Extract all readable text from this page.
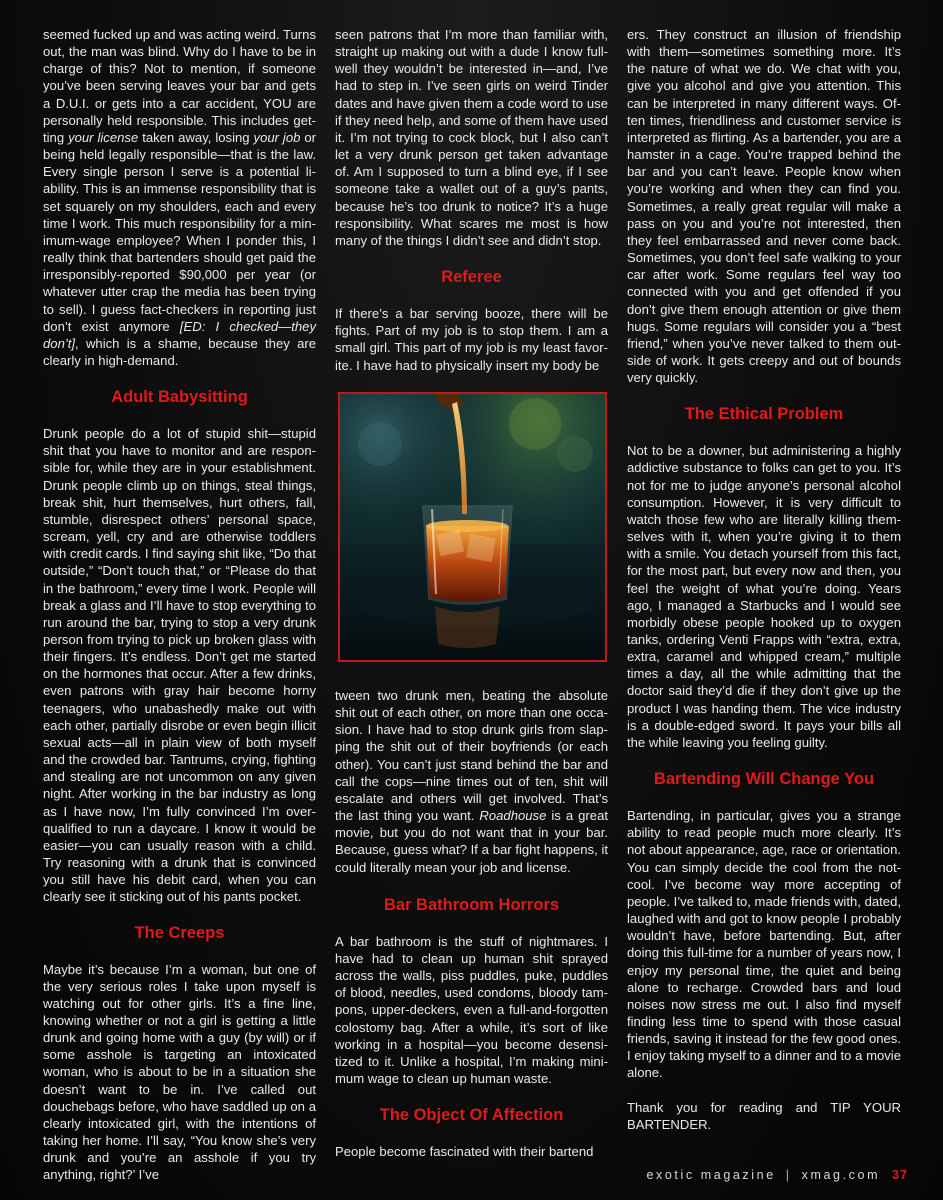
seemed fucked up and was acting weird. Turns out, the man was blind. Why do I have to be in charge of this? Not to mention, if someone you’ve been serving leaves your bar and gets a D.U.I. or gets into a car accident, YOU are personally held responsible. This includes getting your license taken away, losing your job or being held legally responsible—that is the law. Every single person I serve is a potential liability. This is an immense responsibility that is set squarely on my shoulders, each and every time I work. This much responsibility for a minimum-wage employee? When I ponder this, I really think that bartenders should get paid the irresponsibly-reported $90,000 per year (or whatever utter crap the media has been trying to sell). I guess fact-checkers in reporting just don’t exist anymore [ED: I checked—they don’t], which is a shame, because they are clearly in high-demand.

Adult Babysitting

Drunk people do a lot of stupid shit—stupid shit that you have to monitor and are responsible for, while they are in your establishment. Drunk people climb up on things, steal things, break shit, hurt themselves, hurt others, fall, stumble, disrespect others’ personal space, scream, yell, cry and are otherwise toddlers with credit cards. I find saying shit like, “Do that outside,” “Don’t touch that,” or “Please do that in the bathroom,” every time I work. People will break a glass and I’ll have to stop everything to run around the bar, trying to stop a very drunk person from trying to pick up broken glass with their fingers. It’s endless. Don’t get me started on the hormones that occur. After a few drinks, even patrons with gray hair become horny teenagers, who unabashedly make out with each other, partially disrobe or even begin illicit sexual acts—all in plain view of both myself and the crowded bar. Tantrums, crying, fighting and stealing are not uncommon on any given night. After working in the bar industry as long as I have now, I’m fully convinced I’m overqualified to run a daycare. I know it would be easier—you can usually reason with a child. Try reasoning with a drunk that is convinced you still have his debit card, when you can clearly see it sticking out of his pants pocket.

The Creeps

Maybe it’s because I’m a woman, but one of the very serious roles I take upon myself is watching out for other girls. It’s a fine line, knowing whether or not a girl is getting a little drunk and going home with a guy (by will) or if some asshole is targeting an intoxicated woman, who is about to be in a situation she doesn’t want to be in. I’ve called out douchebags before, who have saddled up on a clearly intoxicated girl, with the intentions of taking her home. I’ll say, “You know she’s very drunk and you’re an asshole if you try anything, right?’ I’ve

seen patrons that I’m more than familiar with, straight up making out with a dude I know full-well they wouldn’t be interested in—and, I’ve had to step in. I’ve seen girls on weird Tinder dates and have given them a code word to use if they need help, and some of them have used it. I’m not trying to cock block, but I also can’t let a very drunk person get taken advantage of. Am I supposed to turn a blind eye, if I see someone take a wallet out of a guy’s pants, because he’s too drunk to notice? It’s a huge responsibility. What scares me most is how many of the things I didn’t see and didn’t stop.

Referee

If there’s a bar serving booze, there will be fights. Part of my job is to stop them. I am a small girl. This part of my job is my least favorite. I have had to physically insert my body be

tween two drunk men, beating the absolute shit out of each other, on more than one occasion. I have had to stop drunk girls from slapping the shit out of their boyfriends (or each other). You can’t just stand behind the bar and call the cops—nine times out of ten, shit will escalate and others will get involved. That’s the last thing you want. Roadhouse is a great movie, but you do not want that in your bar. Because, guess what? If a bar fight happens, it could literally mean your job and license.

Bar Bathroom Horrors

A bar bathroom is the stuff of nightmares. I have had to clean up human shit sprayed across the walls, piss puddles, puke, puddles of blood, needles, used condoms, bloody tampons, upper-deckers, even a full-and-forgotten colostomy bag. After a while, it’s sort of like working in a hospital—you become desensitized to it. Unlike a hospital, I’m making minimum wage to clean up human waste.

The Object Of Affection

People become fascinated with their bartend

ers. They construct an illusion of friendship with them—sometimes something more. It’s the nature of what we do. We chat with you, give you alcohol and give you attention. This can be interpreted in many different ways. Often times, friendliness and customer service is interpreted as flirting. As a bartender, you are a hamster in a cage. You’re trapped behind the bar and you can’t leave. People know when you’re working and when they can find you. Sometimes, a really great regular will make a pass on you and you’re not interested, then they feel embarrassed and never come back. Sometimes, you don’t feel safe walking to your car after work. Some regulars feel way too connected with you and get offended if you don’t give them enough attention or give them hugs. Some regulars will consider you a “best friend,” when you’ve never talked to them outside of work. It gets creepy and out of bounds very quickly.

The Ethical Problem

Not to be a downer, but administering a highly addictive substance to folks can get to you. It’s not for me to judge anyone’s personal alcohol consumption. However, it is very difficult to watch those few who are literally killing themselves with it, when you’re giving it to them with a smile. You detach yourself from this fact, for the most part, but every now and then, you feel the weight of what you’re doing. Years ago, I managed a Starbucks and I would see morbidly obese people hooked up to oxygen tanks, ordering Venti Frapps with “extra, extra, extra, caramel and whipped cream,” multiple times a day, all the while admitting that the doctor said they’d die if they don’t give up the product I was handing them. The vice industry is a double-edged sword. It pays your bills all the while leaving you feeling guilty.

Bartending Will Change You

Bartending, in particular, gives you a strange ability to read people much more clearly. It’s not about appearance, age, race or orientation. You can simply decide the cool from the not-cool. I’ve become way more accepting of people. I’ve talked to, made friends with, dated, laughed with and got to know people I probably wouldn’t have, before bartending. But, after doing this full-time for a number of years now, I enjoy my personal time, the quiet and being alone to recharge. Crowded bars and loud noises now stress me out. I also find myself finding less time to spend with those casual friends, saving it instead for the few good ones. I enjoy taking myself to a dinner and to a movie alone.

Thank you for reading and TIP YOUR BARTENDER.

exotic magazine | xmag.com 37
